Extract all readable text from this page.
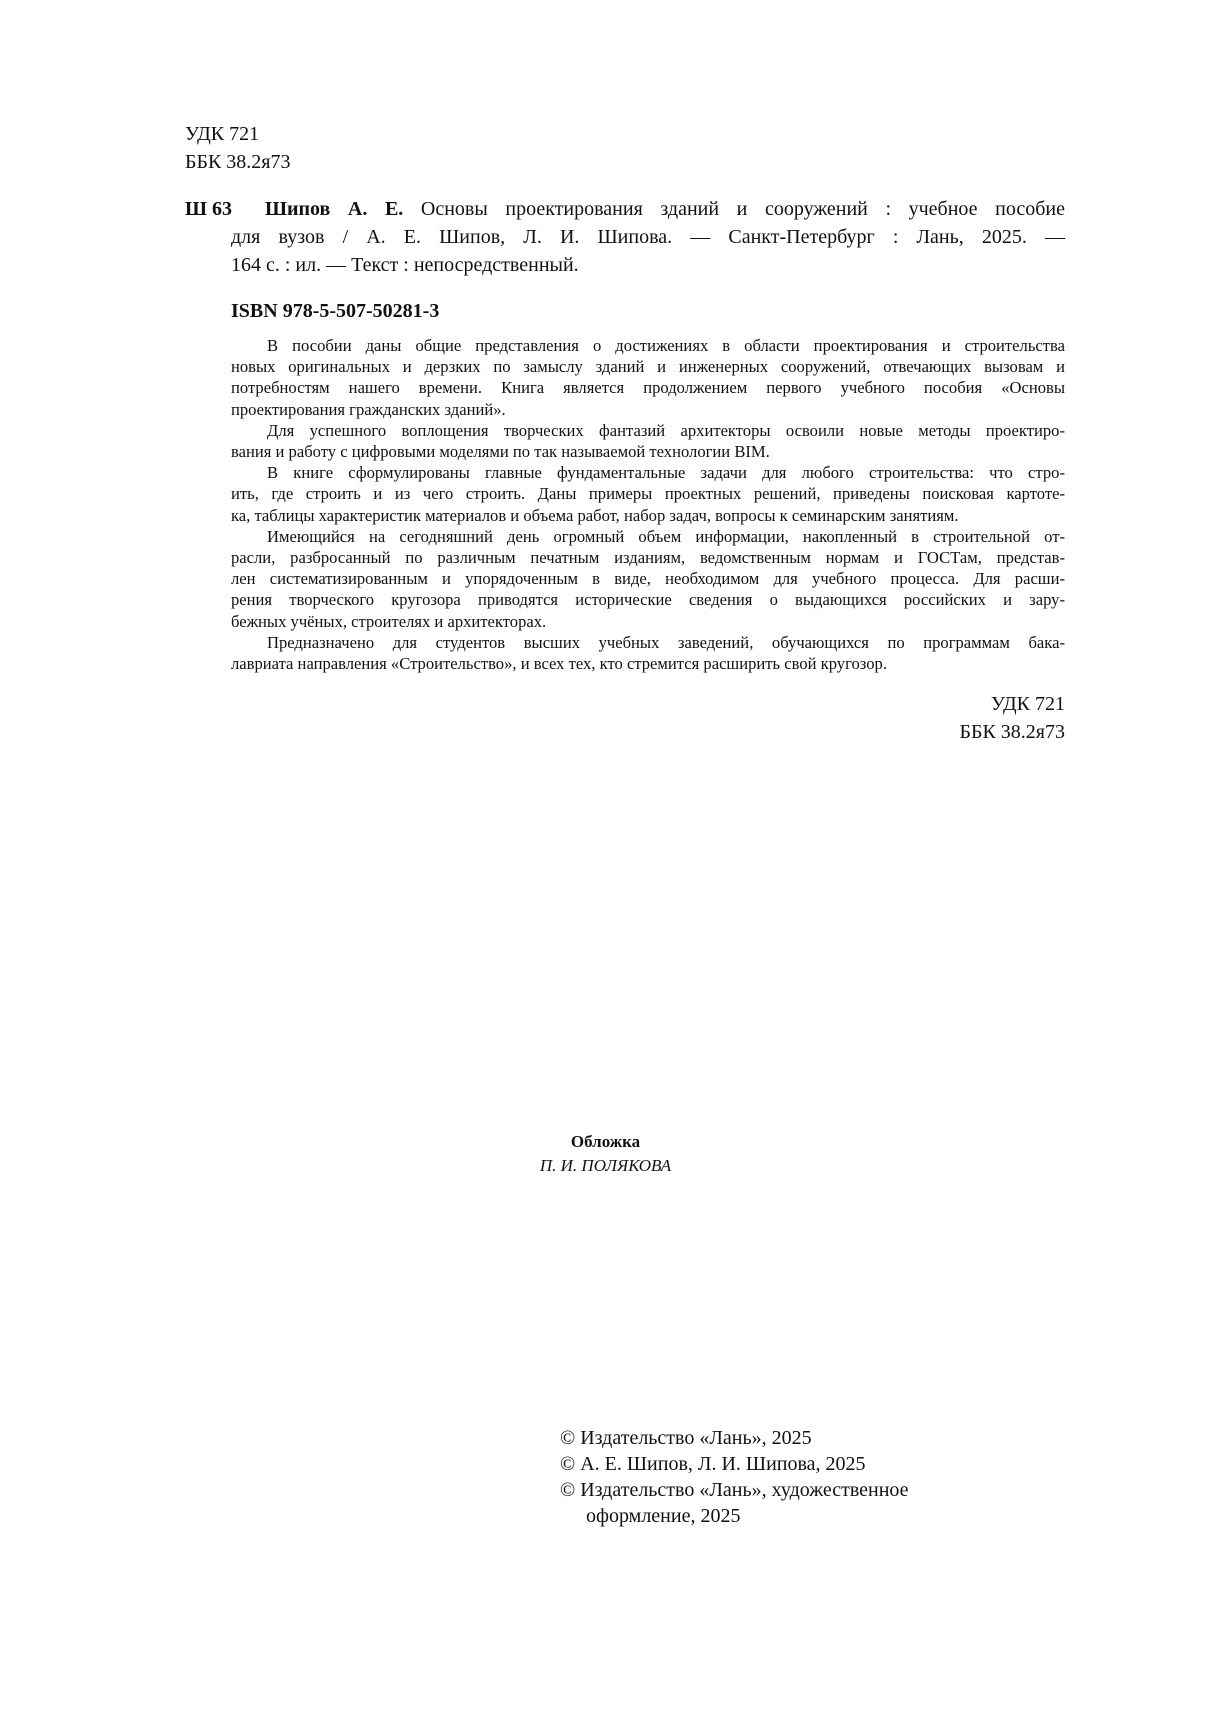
УДК 721
ББК 38.2я73
Ш 63 Шипов А. Е. Основы проектирования зданий и сооружений : учебное пособие
для вузов / А. Е. Шипов, Л. И. Шипова. — Санкт-Петербург : Лань, 2025. —
164 с. : ил. — Текст : непосредственный.
ISBN 978-5-507-50281-3
В пособии даны общие представления о достижениях в области проектирования и строительства
новых оригинальных и дерзких по замыслу зданий и инженерных сооружений, отвечающих вызовам и
потребностям нашего времени. Книга является продолжением первого учебного пособия «Основы
проектирования гражданских зданий».
Для успешного воплощения творческих фантазий архитекторы освоили новые методы проектиро-
вания и работу с цифровыми моделями по так называемой технологии BIM.
В книге сформулированы главные фундаментальные задачи для любого строительства: что стро-
ить, где строить и из чего строить. Даны примеры проектных решений, приведены поисковая картоте-
ка, таблицы характеристик материалов и объема работ, набор задач, вопросы к семинарским занятиям.
Имеющийся на сегодняшний день огромный объем информации, накопленный в строительной от-
расли, разбросанный по различным печатным изданиям, ведомственным нормам и ГОСТам, представ-
лен систематизированным и упорядоченным в виде, необходимом для учебного процесса. Для расши-
рения творческого кругозора приводятся исторические сведения о выдающихся российских и зару-
бежных учёных, строителях и архитекторах.
Предназначено для студентов высших учебных заведений, обучающихся по программам бака-
лавриата направления «Строительство», и всех тех, кто стремится расширить свой кругозор.
УДК 721
ББК 38.2я73
Обложка
П. И. ПОЛЯКОВА
© Издательство «Лань», 2025
© А. Е. Шипов, Л. И. Шипова, 2025
© Издательство «Лань», художественное
оформление, 2025
